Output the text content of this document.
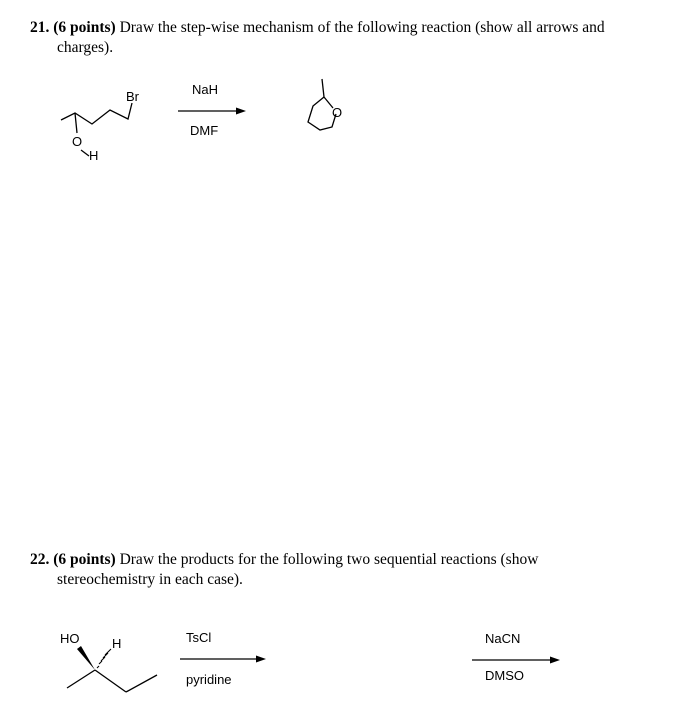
21. (6 points) Draw the step-wise mechanism of the following reaction (show all arrows and
charges).
22. (6 points) Draw the products for the following two sequential reactions (show
stereochemistry in each case).
Br
O
H
NaH
DMF
O
HO	H	TsCl
pyridine
NaCN
DMSO
